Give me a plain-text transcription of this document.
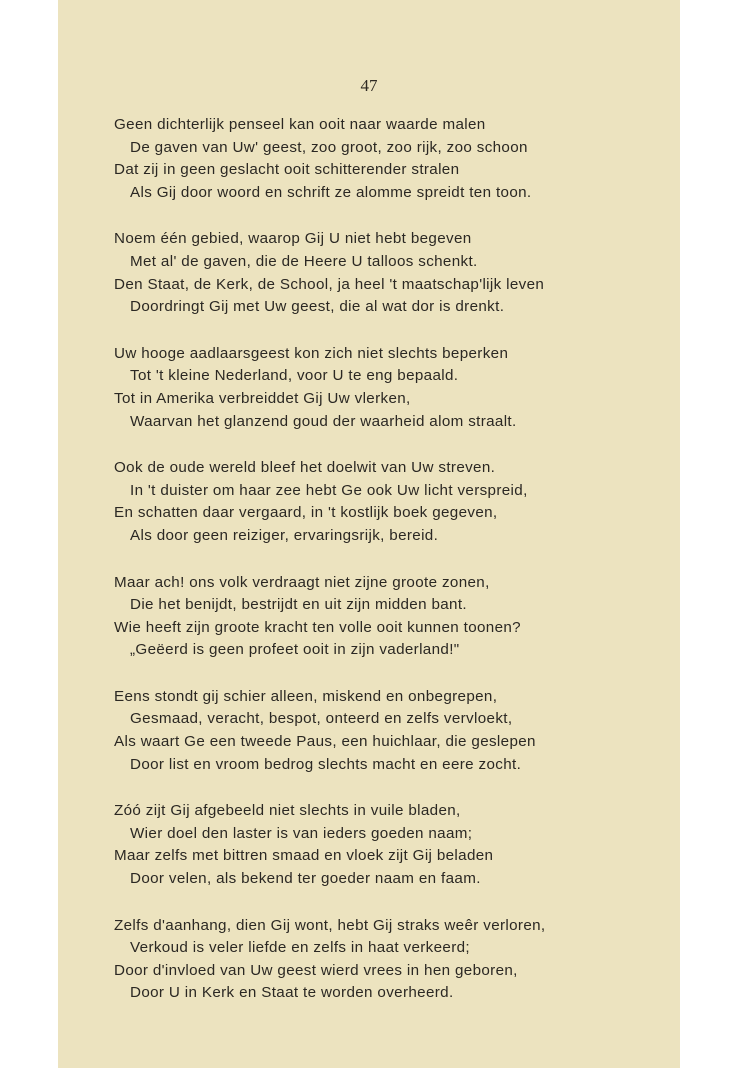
47
Geen dichterlijk penseel kan ooit naar waarde malen
De gaven van Uw' geest, zoo groot, zoo rijk, zoo schoon
Dat zij in geen geslacht ooit schitterender stralen
Als Gij door woord en schrift ze alomme spreidt ten toon.
Noem één gebied, waarop Gij U niet hebt begeven
Met al' de gaven, die de Heere U talloos schenkt.
Den Staat, de Kerk, de School, ja heel 't maatschap'lijk leven
Doordringt Gij met Uw geest, die al wat dor is drenkt.
Uw hooge aadlaarsgeest kon zich niet slechts beperken
Tot 't kleine Nederland, voor U te eng bepaald.
Tot in Amerika verbreiddet Gij Uw vlerken,
Waarvan het glanzend goud der waarheid alom straalt.
Ook de oude wereld bleef het doelwit van Uw streven.
In 't duister om haar zee hebt Ge ook Uw licht verspreid,
En schatten daar vergaard, in 't kostlijk boek gegeven,
Als door geen reiziger, ervaringsrijk, bereid.
Maar ach! ons volk verdraagt niet zijne groote zonen,
Die het benijdt, bestrijdt en uit zijn midden bant.
Wie heeft zijn groote kracht ten volle ooit kunnen toonen?
„Geëerd is geen profeet ooit in zijn vaderland!"
Eens stondt gij schier alleen, miskend en onbegrepen,
Gesmaad, veracht, bespot, onteerd en zelfs vervloekt,
Als waart Ge een tweede Paus, een huichlaar, die geslepen
Door list en vroom bedrog slechts macht en eere zocht.
Zóó zijt Gij afgebeeld niet slechts in vuile bladen,
Wier doel den laster is van ieders goeden naam;
Maar zelfs met bittren smaad en vloek zijt Gij beladen
Door velen, als bekend ter goeder naam en faam.
Zelfs d'aanhang, dien Gij wont, hebt Gij straks weêr verloren,
Verkoud is veler liefde en zelfs in haat verkeerd;
Door d'invloed van Uw geest wierd vrees in hen geboren,
Door U in Kerk en Staat te worden overheerd.
